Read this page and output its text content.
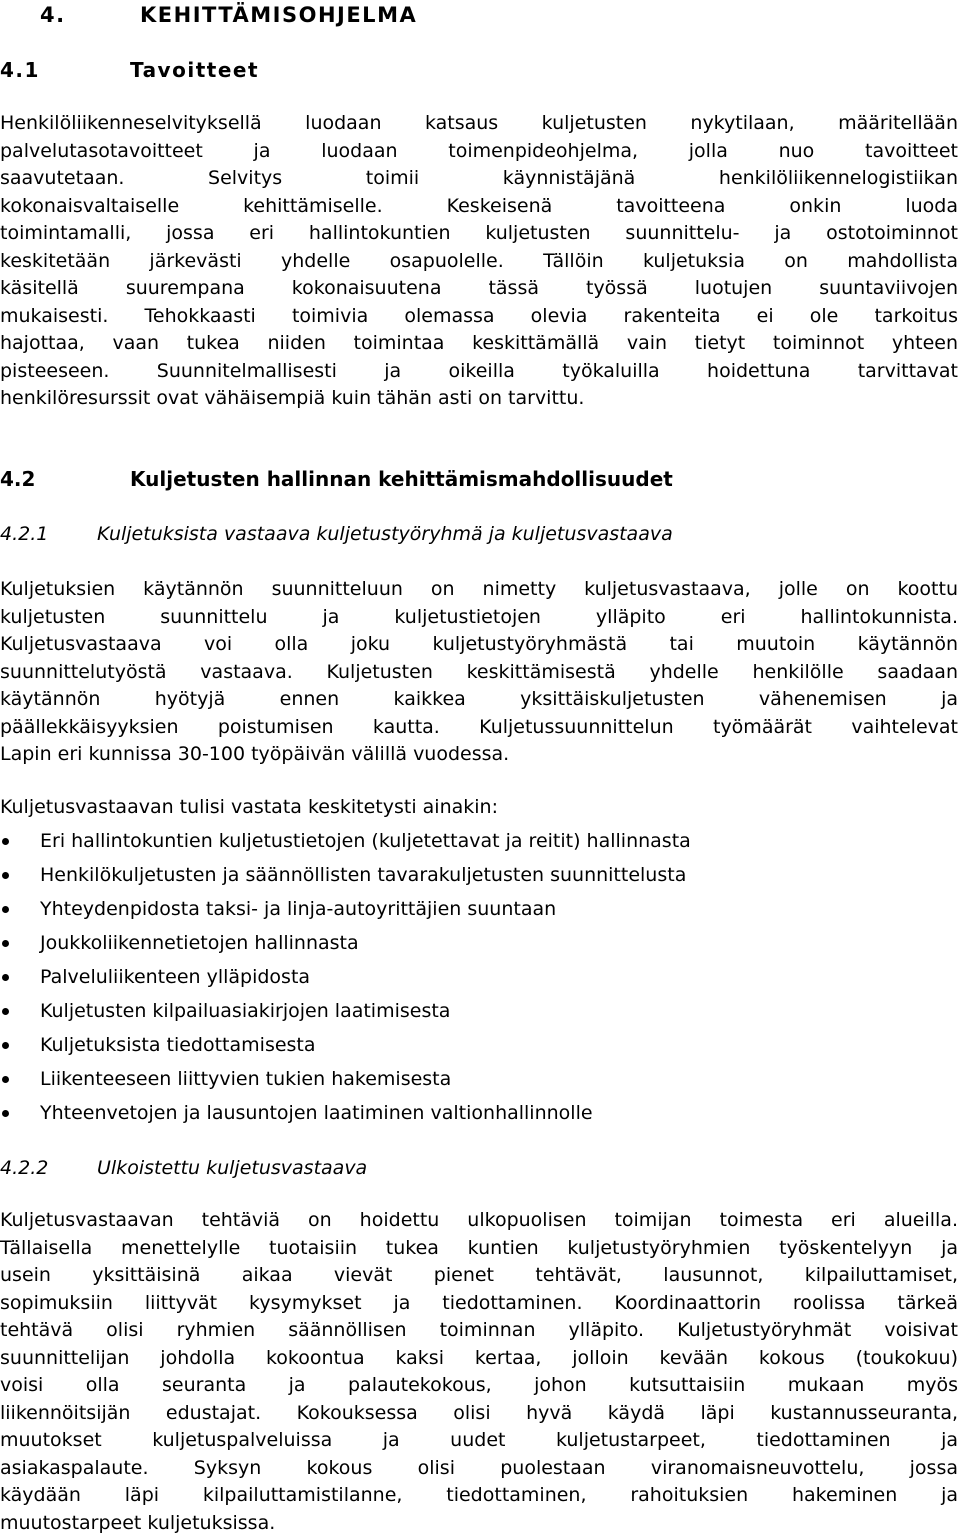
4.	KEHITTÄMISOHJELMA
4.1	Tavoitteet
Henkilöliikenneselvityksellä luodaan katsaus kuljetusten nykytilaan, määritellään
palvelutasotavoitteet ja luodaan toimenpideohjelma, jolla nuo tavoitteet
saavutetaan. Selvitys toimii käynnistäjänä henkilöliikennelogistiikan
kokonaisvaltaiselle kehittämiselle. Keskeisenä tavoitteena onkin luoda
toimintamalli, jossa eri hallintokuntien kuljetusten suunnittelu- ja ostotoiminnot
keskitetään järkevästi yhdelle osapuolelle. Tällöin kuljetuksia on mahdollista
käsitellä suurempana kokonaisuutena tässä työssä luotujen suuntaviivojen
mukaisesti. Tehokkaasti toimivia olemassa olevia rakenteita ei ole tarkoitus
hajottaa, vaan tukea niiden toimintaa keskittämällä vain tietyt toiminnot yhteen
pisteeseen. Suunnitelmallisesti ja oikeilla työkaluilla hoidettuna tarvittavat
henkilöresurssit ovat vähäisempiä kuin tähän asti on tarvittu.
4.2	Kuljetusten hallinnan kehittämismahdollisuudet
4.2.1	Kuljetuksista vastaava kuljetustyöryhmä ja kuljetusvastaava
Kuljetuksien käytännön suunnitteluun on nimetty kuljetusvastaava, jolle on koottu
kuljetusten suunnittelu ja kuljetustietojen ylläpito eri hallintokunnista.
Kuljetusvastaava voi olla joku kuljetustyöryhmästä tai muutoin käytännön
suunnittelutyöstä vastaava. Kuljetusten keskittämisestä yhdelle henkilölle saadaan
käytännön hyötyjä ennen kaikkea yksittäiskuljetusten vähenemisen ja
päällekkäisyyksien poistumisen kautta. Kuljetussuunnittelun työmäärät vaihtelevat
Lapin eri kunnissa 30-100 työpäivän välillä vuodessa.
Kuljetusvastaavan tulisi vastata keskitetysti ainakin:
Eri hallintokuntien kuljetustietojen (kuljetettavat ja reitit) hallinnasta
Henkilökuljetusten ja säännöllisten tavarakuljetusten suunnittelusta
Yhteydenpidosta taksi- ja linja-autoyrittäjien suuntaan
Joukkoliikennetietojen hallinnasta
Palveluliikenteen ylläpidosta
Kuljetusten kilpailuasiakirjojen laatimisesta
Kuljetuksista tiedottamisesta
Liikenteeseen liittyvien tukien hakemisesta
Yhteenvetojen ja lausuntojen laatiminen valtionhallinnolle
4.2.2	Ulkoistettu kuljetusvastaava
Kuljetusvastaavan tehtäviä on hoidettu ulkopuolisen toimijan toimesta eri alueilla.
Tällaisella menettelylle tuotaisiin tukea kuntien kuljetustyöryhmien työskentelyyn ja
usein yksittäisinä aikaa vievät pienet tehtävät, lausunnot, kilpailuttamiset,
sopimuksiin liittyvät kysymykset ja tiedottaminen. Koordinaattorin roolissa tärkeä
tehtävä olisi ryhmien säännöllisen toiminnan ylläpito. Kuljetustyöryhmät voisivat
suunnittelijan johdolla kokoontua kaksi kertaa, jolloin kevään kokous (toukokuu)
voisi olla seuranta ja palautekokous, johon kutsuttaisiin mukaan myös
liikennöitsijän edustajat. Kokouksessa olisi hyvä käydä läpi kustannusseuranta,
muutokset kuljetuspalveluissa ja uudet kuljetustarpeet, tiedottaminen ja
asiakaspalaute. Syksyn kokous olisi puolestaan viranomaisneuvottelu, jossa
käydään läpi kilpailuttamistilanne, tiedottaminen, rahoituksien hakeminen ja
muutostarpeet kuljetuksissa.
